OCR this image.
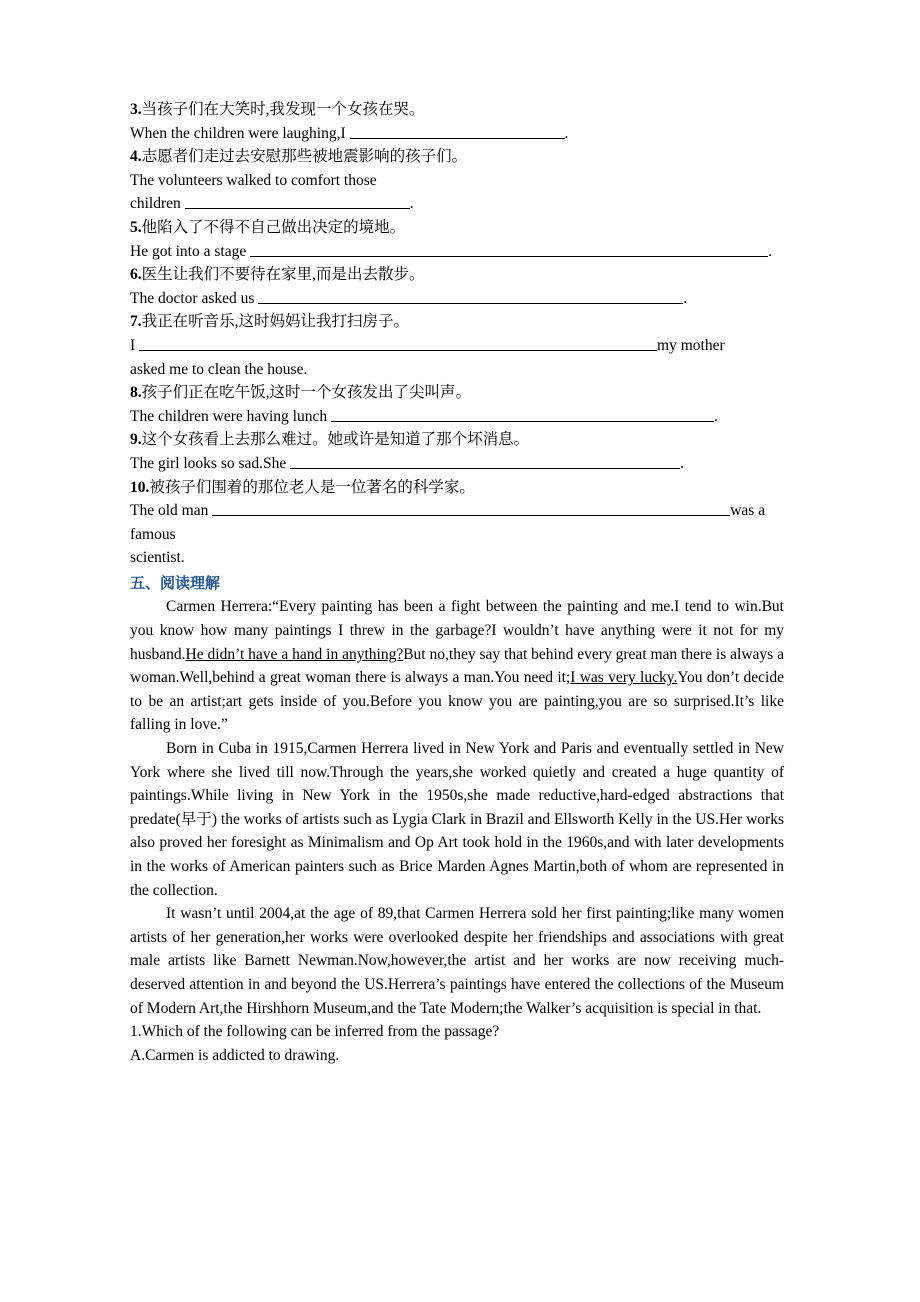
3.当孩子们在大笑时,我发现一个女孩在哭。
When the children were laughing,I	.
4.志愿者们走过去安慰那些被地震影响的孩子们。
The volunteers walked to comfort those
children	.
5.他陷入了不得不自己做出决定的境地。
He got into a stage	.
6.医生让我们不要待在家里,而是出去散步。
The doctor asked us	.
7.我正在听音乐,这时妈妈让我打扫房子。
I	my mother
asked me to clean the house.
8.孩子们正在吃午饭,这时一个女孩发出了尖叫声。
The children were having lunch	.
9.这个女孩看上去那么难过。她或许是知道了那个坏消息。
The girl looks so sad.She	.
10.被孩子们围着的那位老人是一位著名的科学家。
The old man	was a famous
scientist.
五、阅读理解
Carmen Herrera:“Every painting has been a fight between the painting and me.I tend to win.But you know how many paintings I threw in the garbage?I wouldn’t have anything were it not for my husband.He didn’t have a hand in anything?But no,they say that behind every great man there is always a woman.Well,behind a great woman there is always a man.You need it;I was very lucky.You don’t decide to be an artist;art gets inside of you.Before you know you are painting,you are so surprised.It’s like falling in love.”
Born in Cuba in 1915,Carmen Herrera lived in New York and Paris and eventually settled in New York where she lived till now.Through the years,she worked quietly and created a huge quantity of paintings.While living in New York in the 1950s,she made reductive,hard-edged abstractions that predate(早于) the works of artists such as Lygia Clark in Brazil and Ellsworth Kelly in the US.Her works also proved her foresight as Minimalism and Op Art took hold in the 1960s,and with later developments in the works of American painters such as Brice Marden Agnes Martin,both of whom are represented in the collection.
It wasn’t until 2004,at the age of 89,that Carmen Herrera sold her first painting;like many women artists of her generation,her works were overlooked despite her friendships and associations with great male artists like Barnett Newman.Now,however,the artist and her works are now receiving much-deserved attention in and beyond the US.Herrera’s paintings have entered the collections of the Museum of Modern Art,the Hirshhorn Museum,and the Tate Modern;the Walker’s acquisition is special in that.
1.Which of the following can be inferred from the passage?
A.Carmen is addicted to drawing.
